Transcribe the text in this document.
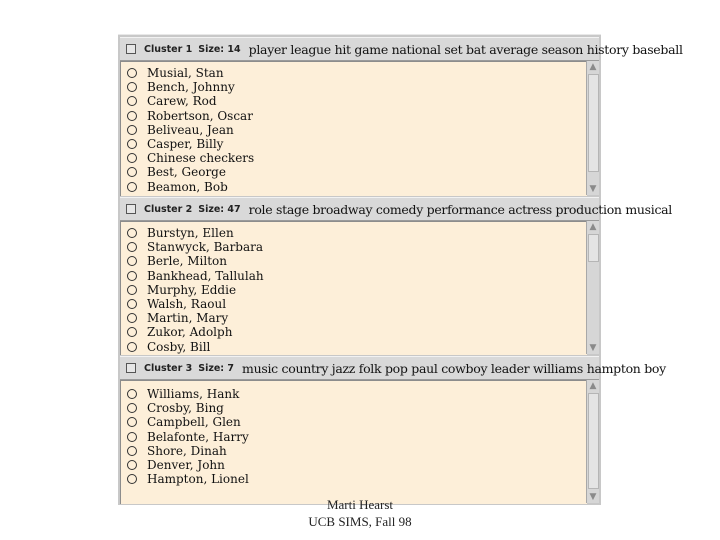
Cluster 1 Size: 14 player league hit game national set bat average season history baseball
Musial, Stan
Bench, Johnny
Carew, Rod
Robertson, Oscar
Beliveau, Jean
Casper, Billy
Chinese checkers
Best, George
Beamon, Bob
▲
▼
Cluster 2 Size: 47 role stage broadway comedy performance actress production musical
Burstyn, Ellen
Stanwyck, Barbara
Berle, Milton
Bankhead, Tallulah
Murphy, Eddie
Walsh, Raoul
Martin, Mary
Zukor, Adolph
Cosby, Bill
▲
▼
Cluster 3 Size: 7 music country jazz folk pop paul cowboy leader williams hampton boy
Williams, Hank
Crosby, Bing
Campbell, Glen
Belafonte, Harry
Shore, Dinah
Denver, John
Hampton, Lionel
▲
▼
Marti Hearst
UCB SIMS, Fall 98
